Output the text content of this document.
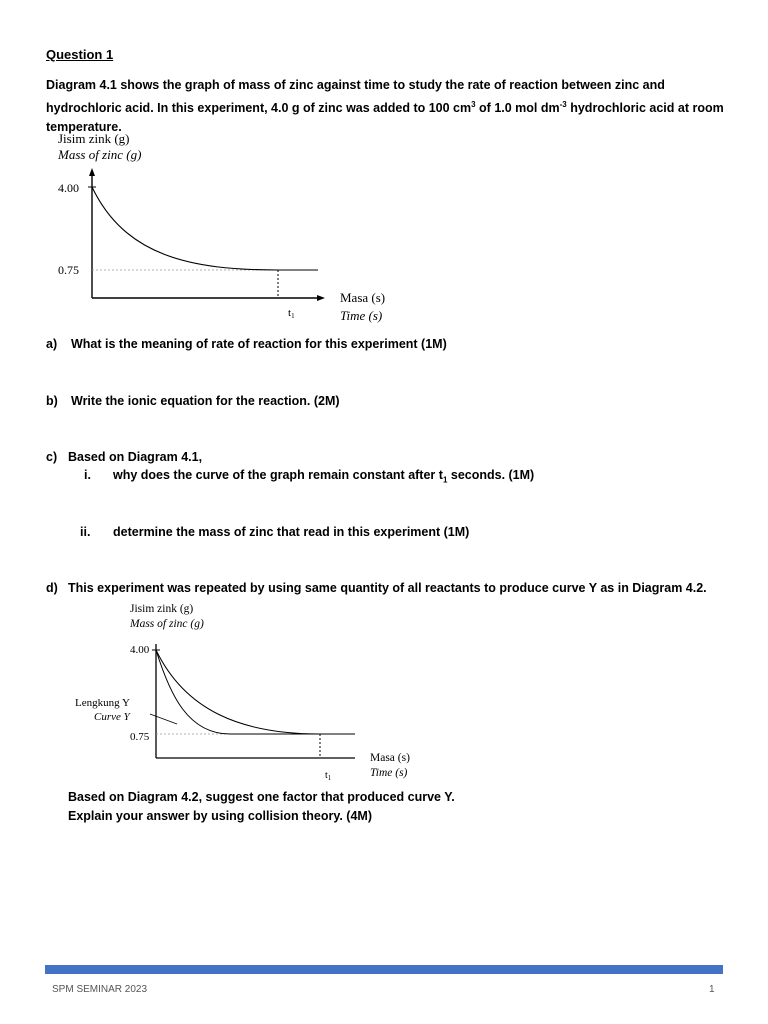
Question 1
Diagram 4.1 shows the graph of mass of zinc against time to study the rate of reaction between zinc and hydrochloric acid. In this experiment, 4.0 g of zinc was added to 100 $cm^3$ of 1.0 mol $dm^{-3}$ hydrochloric acid at room temperature.
Jisim zink (g)
Mass of zinc (g)
4.00
0.75
t1
Masa (s)
Time (s)
a) What is the meaning of rate of reaction for this experiment (1M)
b) Write the ionic equation for the reaction. (2M)
c) Based on Diagram 4.1,
i. why does the curve of the graph remain constant after $t_1$ seconds. (1M)
ii. determine the mass of zinc that read in this experiment (1M)
d) This experiment was repeated by using same quantity of all reactants to produce curve Y as in Diagram 4.2.
Jisim zink (g)
Mass of zinc (g)
4.00
Lengkung Y
Curve Y
0.75
$t_1$
Masa (s)
Time (s)
Based on Diagram 4.2, suggest one factor that produced curve Y.
Explain your answer by using collision theory. (4M)
SPM SEMINAR 2023	1
